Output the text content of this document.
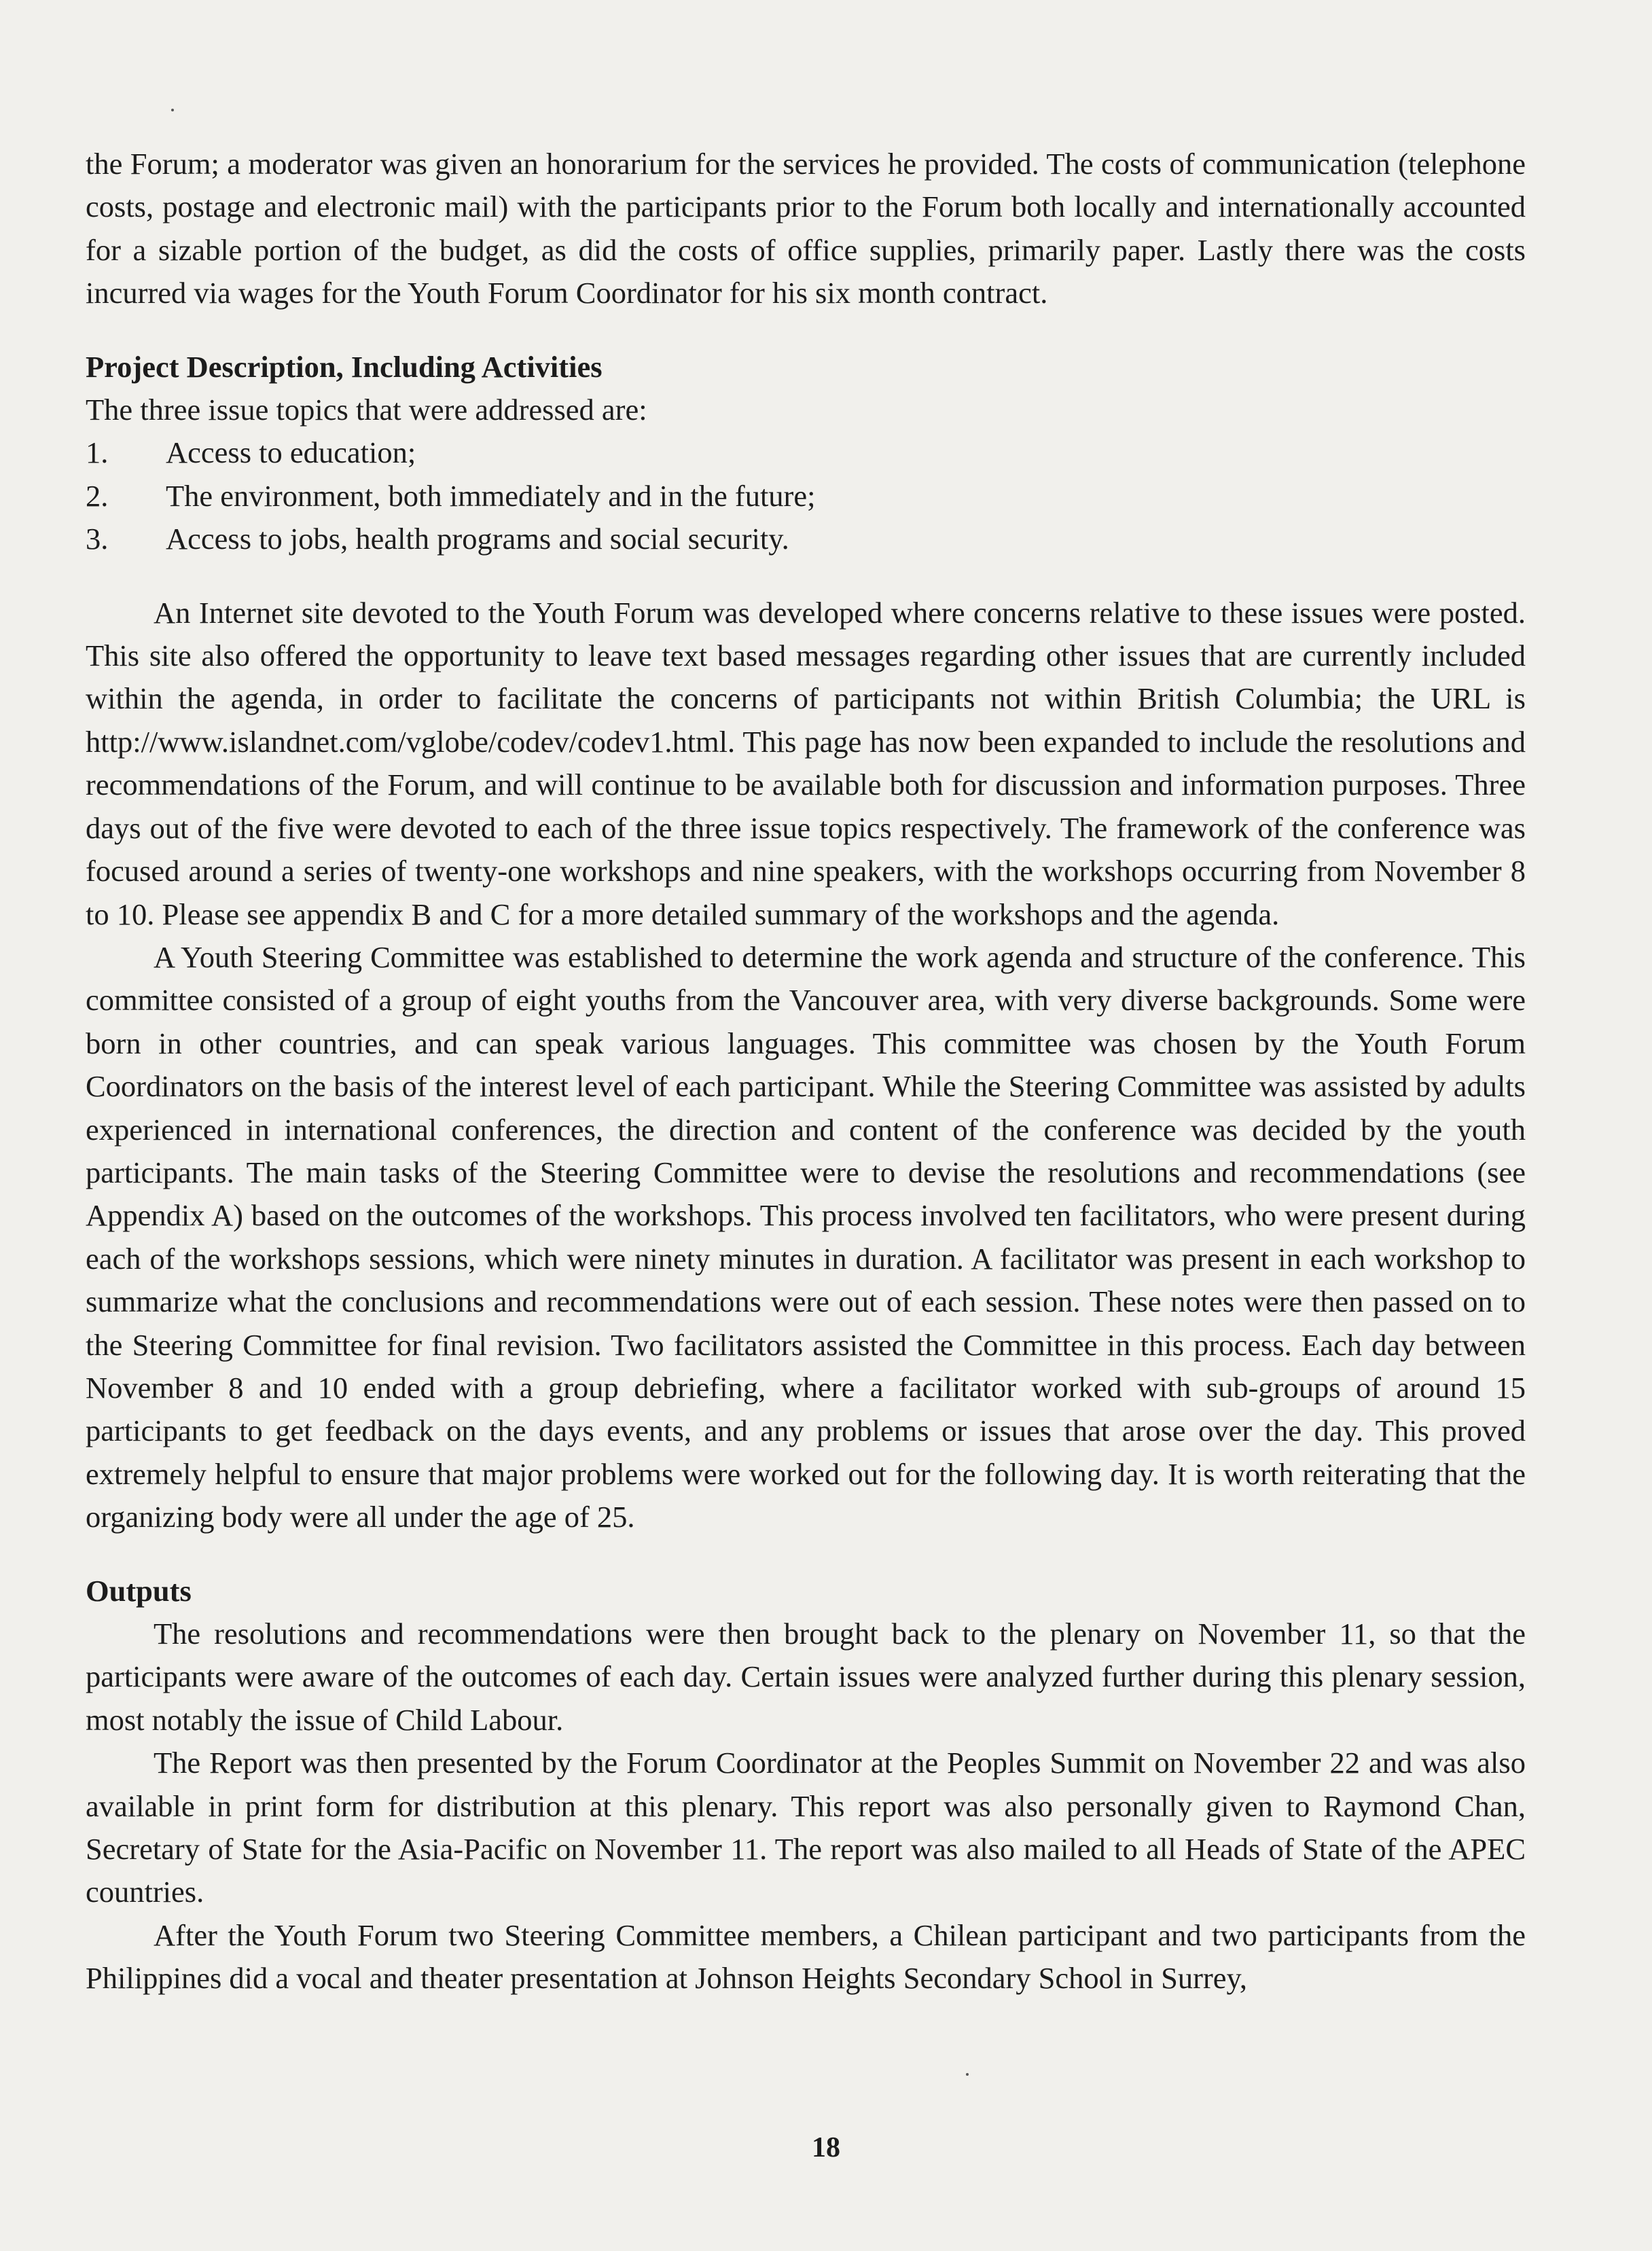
the Forum; a moderator was given an honorarium for the services he provided. The costs of communication (telephone costs, postage and electronic mail) with the participants prior to the Forum both locally and internationally accounted for a sizable portion of the budget, as did the costs of office supplies, primarily paper. Lastly there was the costs incurred via wages for the Youth Forum Coordinator for his six month contract.

Project Description, Including Activities

The three issue topics that were addressed are:

1.	Access to education;
2.	The environment, both immediately and in the future;
3.	Access to jobs, health programs and social security.

An Internet site devoted to the Youth Forum was developed where concerns relative to these issues were posted. This site also offered the opportunity to leave text based messages regarding other issues that are currently included within the agenda, in order to facilitate the concerns of participants not within British Columbia; the URL is http://www.islandnet.com/vglobe/codev/codev1.html. This page has now been expanded to include the resolutions and recommendations of the Forum, and will continue to be available both for discussion and information purposes. Three days out of the five were devoted to each of the three issue topics respectively. The framework of the conference was focused around a series of twenty-one workshops and nine speakers, with the workshops occurring from November 8 to 10. Please see appendix B and C for a more detailed summary of the workshops and the agenda.

A Youth Steering Committee was established to determine the work agenda and structure of the conference. This committee consisted of a group of eight youths from the Vancouver area, with very diverse backgrounds. Some were born in other countries, and can speak various languages. This committee was chosen by the Youth Forum Coordinators on the basis of the interest level of each participant. While the Steering Committee was assisted by adults experienced in international conferences, the direction and content of the conference was decided by the youth participants. The main tasks of the Steering Committee were to devise the resolutions and recommendations (see Appendix A) based on the outcomes of the workshops. This process involved ten facilitators, who were present during each of the workshops sessions, which were ninety minutes in duration. A facilitator was present in each workshop to summarize what the conclusions and recommendations were out of each session. These notes were then passed on to the Steering Committee for final revision. Two facilitators assisted the Committee in this process. Each day between November 8 and 10 ended with a group debriefing, where a facilitator worked with sub-groups of around 15 participants to get feedback on the days events, and any problems or issues that arose over the day. This proved extremely helpful to ensure that major problems were worked out for the following day. It is worth reiterating that the organizing body were all under the age of 25.

Outputs

The resolutions and recommendations were then brought back to the plenary on November 11, so that the participants were aware of the outcomes of each day. Certain issues were analyzed further during this plenary session, most notably the issue of Child Labour.

The Report was then presented by the Forum Coordinator at the Peoples Summit on November 22 and was also available in print form for distribution at this plenary. This report was also personally given to Raymond Chan, Secretary of State for the Asia-Pacific on November 11. The report was also mailed to all Heads of State of the APEC countries.

After the Youth Forum two Steering Committee members, a Chilean participant and two participants from the Philippines did a vocal and theater presentation at Johnson Heights Secondary School in Surrey,

18
